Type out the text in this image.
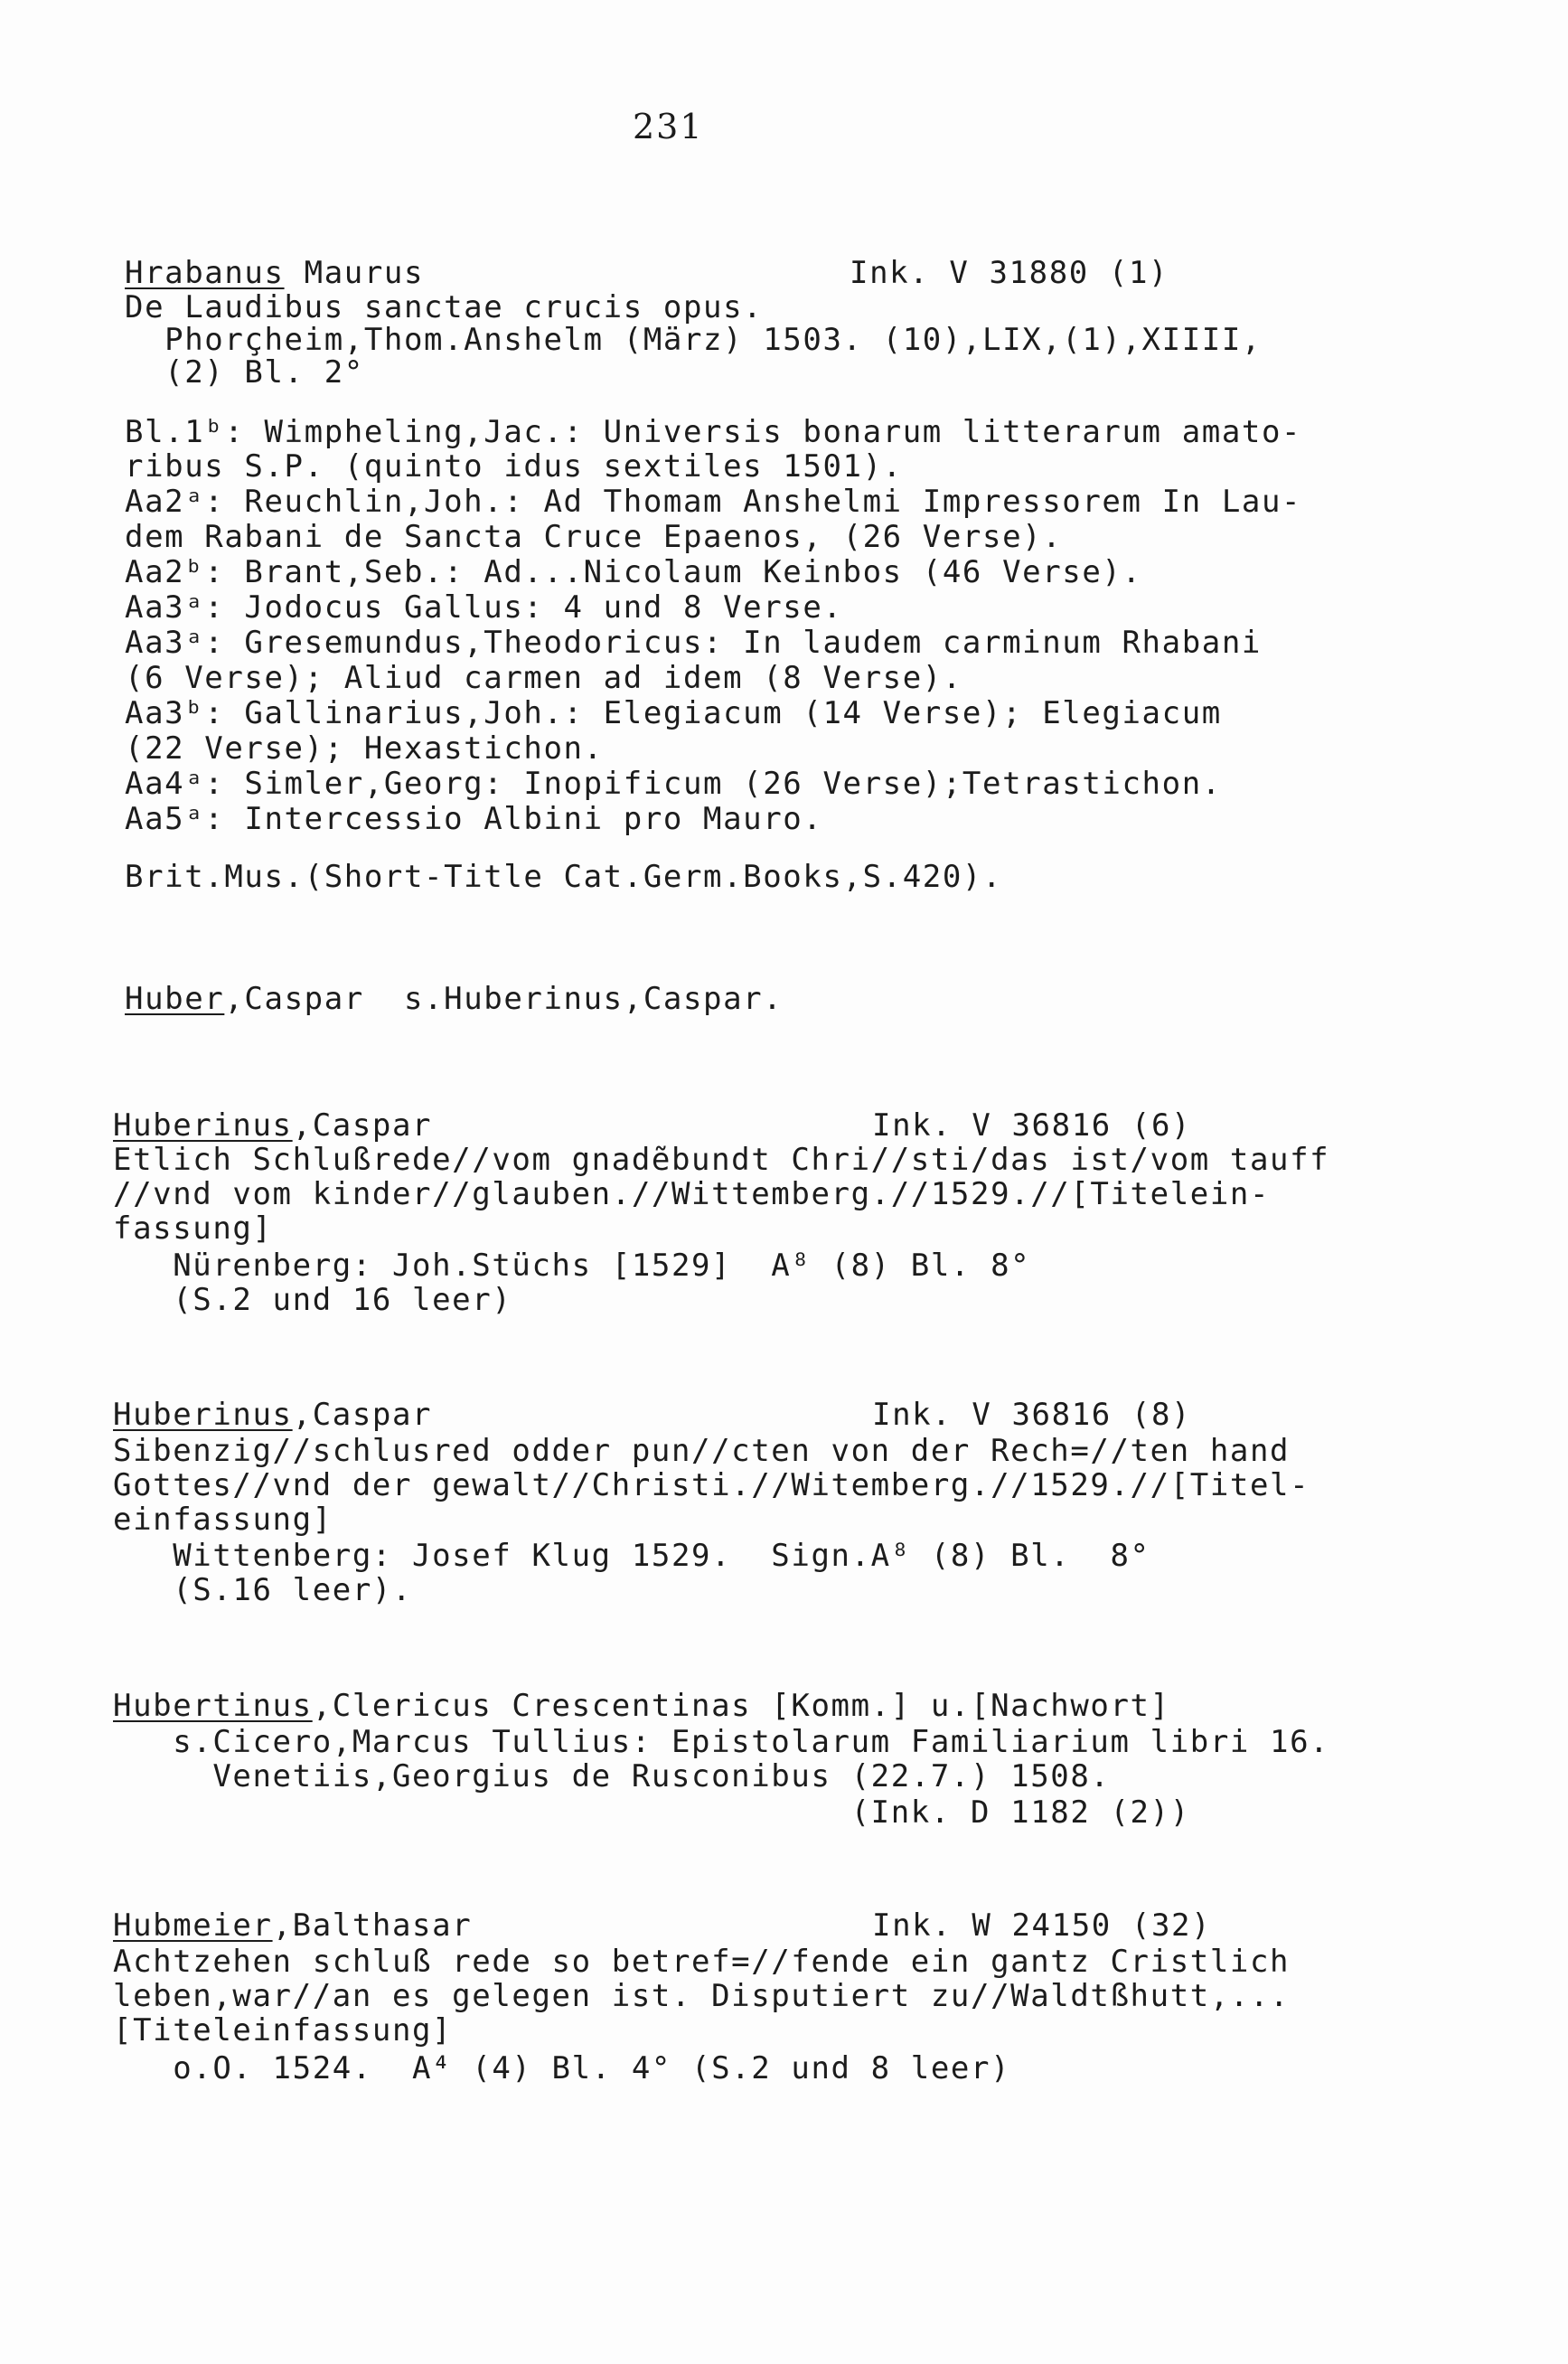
231
Hrabanus Maurus	Ink. V 31880 (1)
De Laudibus sanctae crucis opus.
Phorçheim,Thom.Anshelm (März) 1503. (10),LIX,(1),XIIII,
(2) Bl. 2°
Bl.1ᵇ: Wimpheling,Jac.: Universis bonarum litterarum amato-
ribus S.P. (quinto idus sextiles 1501).
Aa2ᵃ: Reuchlin,Joh.: Ad Thomam Anshelmi Impressorem In Lau-
dem Rabani de Sancta Cruce Epaenos, (26 Verse).
Aa2ᵇ: Brant,Seb.: Ad...Nicolaum Keinbos (46 Verse).
Aa3ᵃ: Jodocus Gallus: 4 und 8 Verse.
Aa3ᵃ: Gresemundus,Theodoricus: In laudem carminum Rhabani
(6 Verse); Aliud carmen ad idem (8 Verse).
Aa3ᵇ: Gallinarius,Joh.: Elegiacum (14 Verse); Elegiacum
(22 Verse); Hexastichon.
Aa4ᵃ: Simler,Georg: Inopificum (26 Verse);Tetrastichon.
Aa5ᵃ: Intercessio Albini pro Mauro.
Brit.Mus.(Short-Title Cat.Germ.Books,S.420).
Huber,Caspar  s.Huberinus,Caspar.
Huberinus,Caspar	Ink. V 36816 (6)
Etlich Schlußrede//vom gnadẽbundt Chri//sti/das ist/vom tauff
//vnd vom kinder//glauben.//Wittemberg.//1529.//[Titelein-
fassung]
Nürenberg: Joh.Stüchs [1529]  A⁸ (8) Bl. 8°
(S.2 und 16 leer)
Huberinus,Caspar	Ink. V 36816 (8)
Sibenzig//schlusred odder pun//cten von der Rech=//ten hand
Gottes//vnd der gewalt//Christi.//Witemberg.//1529.//[Titel-
einfassung]
Wittenberg: Josef Klug 1529.  Sign.A⁸ (8) Bl.  8°
(S.16 leer).
Hubertinus,Clericus Crescentinas [Komm.] u.[Nachwort]
s.Cicero,Marcus Tullius: Epistolarum Familiarium libri 16.
Venetiis,Georgius de Rusconibus (22.7.) 1508.
(Ink. D 1182 (2))
Hubmeier,Balthasar	Ink. W 24150 (32)
Achtzehen schluß rede so betref=//fende ein gantz Cristlich
leben,war//an es gelegen ist. Disputiert zu//Waldtßhutt,...
[Titeleinfassung]
o.O. 1524.  A⁴ (4) Bl. 4° (S.2 und 8 leer)
